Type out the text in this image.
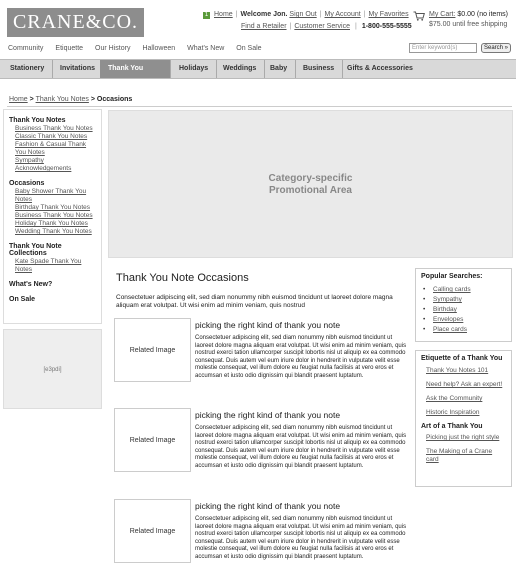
CRANE&CO.	1 Home | Welcome Jon. Sign Out | My Account | My Favorites
Find a Retailer | Customer Service | 1-800-555-5555
My Cart: $0.00 (no items)
$75.00 until free shipping
Community Etiquette Our History Halloween What's New On Sale	Enter keyword(s)	Search »
Stationery	Invitations	Thank You Notes
Holidays	Weddings	Baby	Business	Gifts & Accessories
Home > Thank You Notes > Occasions
Thank You Notes
Business Thank You Notes
Classic Thank You Notes
Fashion & Casual Thank You Notes
Sympathy Acknowledgements
Occasions
Baby Shower Thank You Notes
Birthday Thank You Notes
Business Thank You Notes
Holiday Thank You Notes
Wedding Thank You Notes
Thank You Note Collections
Kate Spade Thank You Notes
What's New?
On Sale
[e3pdi]
Category-specific
Promotional Area
Thank You Note Occasions
Consectetuer adipiscing elit, sed diam nonummy nibh euismod tincidunt ut laoreet dolore magna aliquam erat volutpat. Ut wisi enim ad minim veniam, quis nostrud
Related Image
picking the right kind of thank you note
Consectetuer adipiscing elit, sed diam nonummy nibh euismod tincidunt ut laoreet dolore magna aliquam erat volutpat. Ut wisi enim ad minim veniam, quis nostrud exerci tation ullamcorper suscipit lobortis nisl ut aliquip ex ea commodo consequat. Duis autem vel eum iriure dolor in hendrerit in vulputate velit esse molestie consequat, vel illum dolore eu feugiat nulla facilisis at vero eros et accumsan et iusto odio dignissim qui blandit praesent luptatum.
Related Image
picking the right kind of thank you note
Consectetuer adipiscing elit, sed diam nonummy nibh euismod tincidunt ut laoreet dolore magna aliquam erat volutpat. Ut wisi enim ad minim veniam, quis nostrud exerci tation ullamcorper suscipit lobortis nisl ut aliquip ex ea commodo consequat. Duis autem vel eum iriure dolor in hendrerit in vulputate velit esse molestie consequat, vel illum dolore eu feugiat nulla facilisis at vero eros et accumsan et iusto odio dignissim qui blandit praesent luptatum.
Related Image
picking the right kind of thank you note
Consectetuer adipiscing elit, sed diam nonummy nibh euismod tincidunt ut laoreet dolore magna aliquam erat volutpat. Ut wisi enim ad minim veniam, quis nostrud exerci tation ullamcorper suscipit lobortis nisl ut aliquip ex ea commodo consequat. Duis autem vel eum iriure dolor in hendrerit in vulputate velit esse molestie consequat, vel illum dolore eu feugiat nulla facilisis at vero eros et accumsan et iusto odio dignissim qui blandit praesent luptatum.
Popular Searches:
• Calling cards
• Sympathy
• Birthday
• Envelopes
• Place cards
Etiquette of a Thank You
Thank You Notes 101
Need help? Ask an expert!
Ask the Community
Historic Inspiration
Art of a Thank You
Picking just the right style
The Making of a Crane card
